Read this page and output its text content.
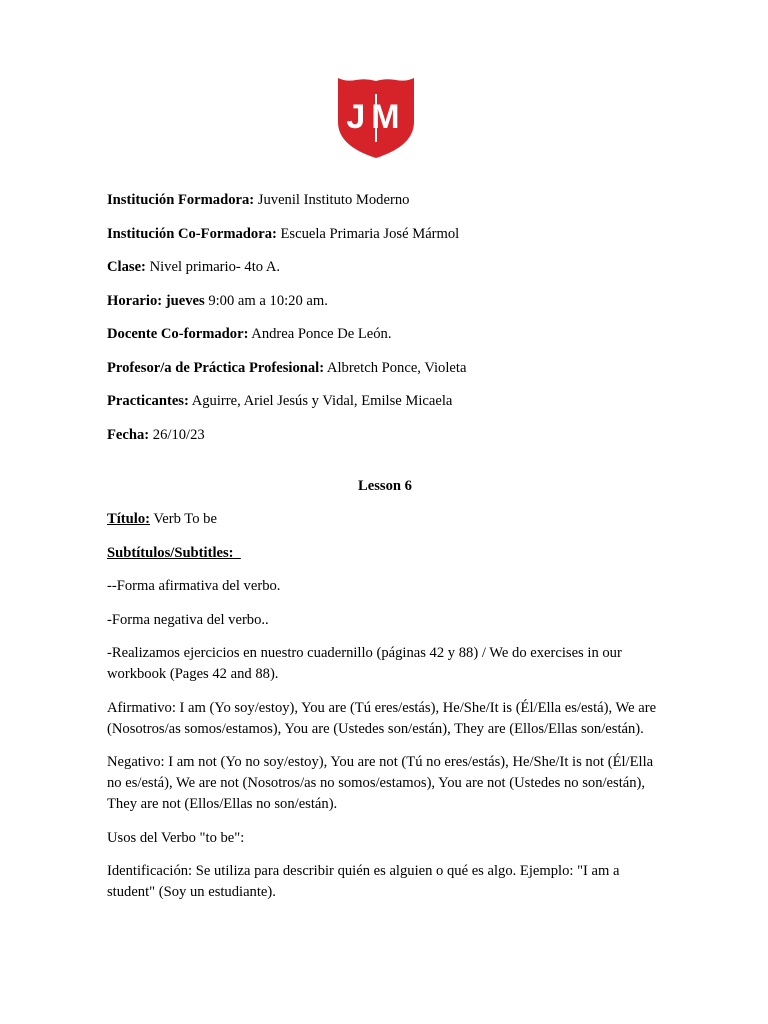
JM
Institución Formadora: Juvenil Instituto Moderno
Institución Co-Formadora: Escuela Primaria José Mármol
Clase: Nivel primario- 4to A.
Horario: jueves 9:00 am a 10:20 am.
Docente Co-formador: Andrea Ponce De León.
Profesor/a de Práctica Profesional: Albretch Ponce, Violeta
Practicantes: Aguirre, Ariel Jesús y Vidal, Emilse Micaela
Fecha: 26/10/23
Lesson 6
Título: Verb To be
Subtítulos/Subtitles:

--Forma afirmativa del verbo.

-Forma negativa del verbo..

-Realizamos ejercicios en nuestro cuadernillo (páginas 42 y 88) / We do exercises in our workbook (Pages 42 and 88).

Afirmativo: I am (Yo soy/estoy), You are (Tú eres/estás), He/She/It is (Él/Ella es/está), We are (Nosotros/as somos/estamos), You are (Ustedes son/están), They are (Ellos/Ellas son/están).

Negativo: I am not (Yo no soy/estoy), You are not (Tú no eres/estás), He/She/It is not (Él/Ella no es/está), We are not (Nosotros/as no somos/estamos), You are not (Ustedes no son/están), They are not (Ellos/Ellas no son/están).

Usos del Verbo "to be":

Identificación: Se utiliza para describir quién es alguien o qué es algo. Ejemplo: "I am a student" (Soy un estudiante).
